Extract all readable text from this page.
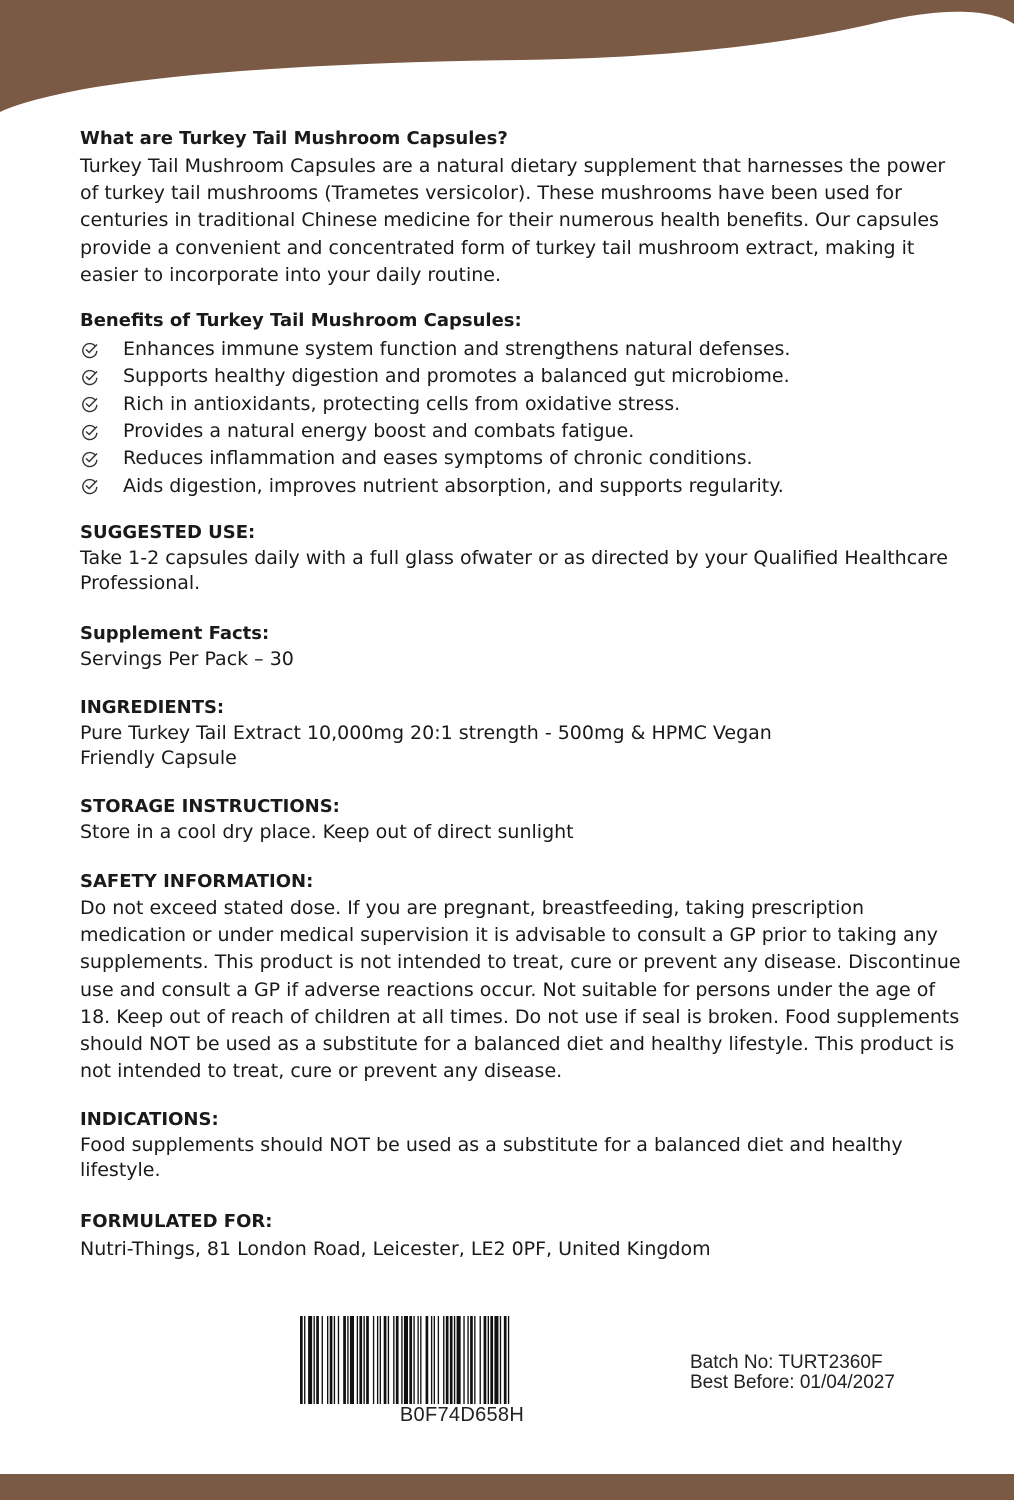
What are Turkey Tail Mushroom Capsules?

Turkey Tail Mushroom Capsules are a natural dietary supplement that harnesses the power of turkey tail mushrooms (Trametes versicolor). These mushrooms have been used for centuries in traditional Chinese medicine for their numerous health benefits. Our capsules provide a convenient and concentrated form of turkey tail mushroom extract, making it easier to incorporate into your daily routine.

Benefits of Turkey Tail Mushroom Capsules:
Enhances immune system function and strengthens natural defenses.
Supports healthy digestion and promotes a balanced gut microbiome.
Rich in antioxidants, protecting cells from oxidative stress.
Provides a natural energy boost and combats fatigue.
Reduces inflammation and eases symptoms of chronic conditions.
Aids digestion, improves nutrient absorption, and supports regularity.
SUGGESTED USE:

Take 1-2 capsules daily with a full glass ofwater or as directed by your Qualified Healthcare Professional.

Supplement Facts:

Servings Per Pack – 30

INGREDIENTS:

Pure Turkey Tail Extract 10,000mg 20:1 strength - 500mg & HPMC Vegan Friendly Capsule

STORAGE INSTRUCTIONS:

Store in a cool dry place. Keep out of direct sunlight

SAFETY INFORMATION:

Do not exceed stated dose. If you are pregnant, breastfeeding, taking prescription medication or under medical supervision it is advisable to consult a GP prior to taking any supplements. This product is not intended to treat, cure or prevent any disease. Discontinue use and consult a GP if adverse reactions occur. Not suitable for persons under the age of 18. Keep out of reach of children at all times. Do not use if seal is broken. Food supplements should NOT be used as a substitute for a balanced diet and healthy lifestyle. This product is not intended to treat, cure or prevent any disease.

INDICATIONS:

Food supplements should NOT be used as a substitute for a balanced diet and healthy lifestyle.

FORMULATED FOR:

Nutri-Things, 81 London Road, Leicester, LE2 0PF, United Kingdom

B0F74D658H
Batch No: TURT2360F
Best Before: 01/04/2027
